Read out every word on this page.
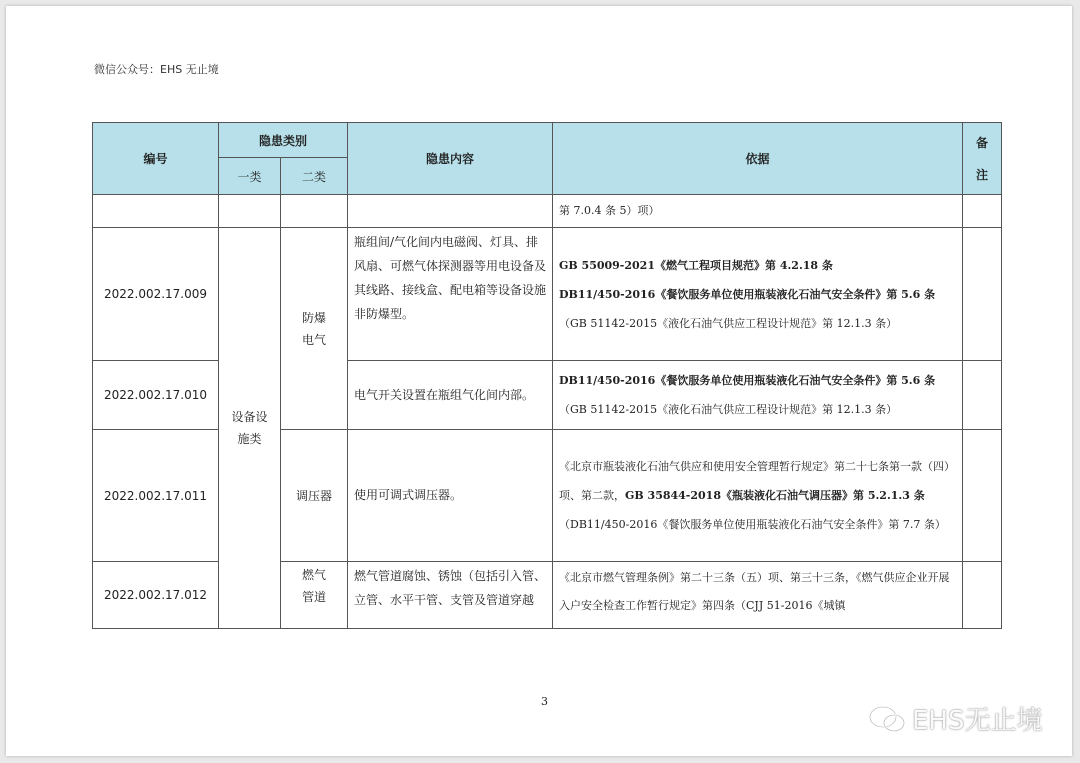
微信公众号：EHS 无止境
编号	隐患类别		隐患内容	依据	备
注
	一类	二类			
				第 7.0.4 条 5）项）	
2022.002.17.009	设备设施类	防爆电气	瓶组间/气化间内电磁阀、灯具、排风扇、可燃气体探测器等用电设备及其线路、接线盒、配电箱等设备设施非防爆型。	GB 55009-2021《燃气工程项目规范》第 4.2.18 条
DB11/450-2016《餐饮服务单位使用瓶装液化石油气安全条件》第 5.6 条（GB 51142-2015《液化石油气供应工程设计规范》第 12.1.3 条）	
2022.002.17.010			电气开关设置在瓶组气化间内部。	DB11/450-2016《餐饮服务单位使用瓶装液化石油气安全条件》第 5.6 条（GB 51142-2015《液化石油气供应工程设计规范》第 12.1.3 条）	
2022.002.17.011		调压器	使用可调式调压器。	《北京市瓶装液化石油气供应和使用安全管理暂行规定》第二十七条第一款（四）项、第二款，GB 35844-2018《瓶装液化石油气调压器》第 5.2.1.3 条（DB11/450-2016《餐饮服务单位使用瓶装液化石油气安全条件》第 7.7 条）	
2022.002.17.012		燃气管道	燃气管道腐蚀、锈蚀（包括引入管、立管、水平干管、支管及管道穿越	《北京市燃气管理条例》第二十三条（五）项、第三十三条，《燃气供应企业开展入户安全检查工作暂行规定》第四条（CJJ 51-2016《城镇	
3
EHS无止境
